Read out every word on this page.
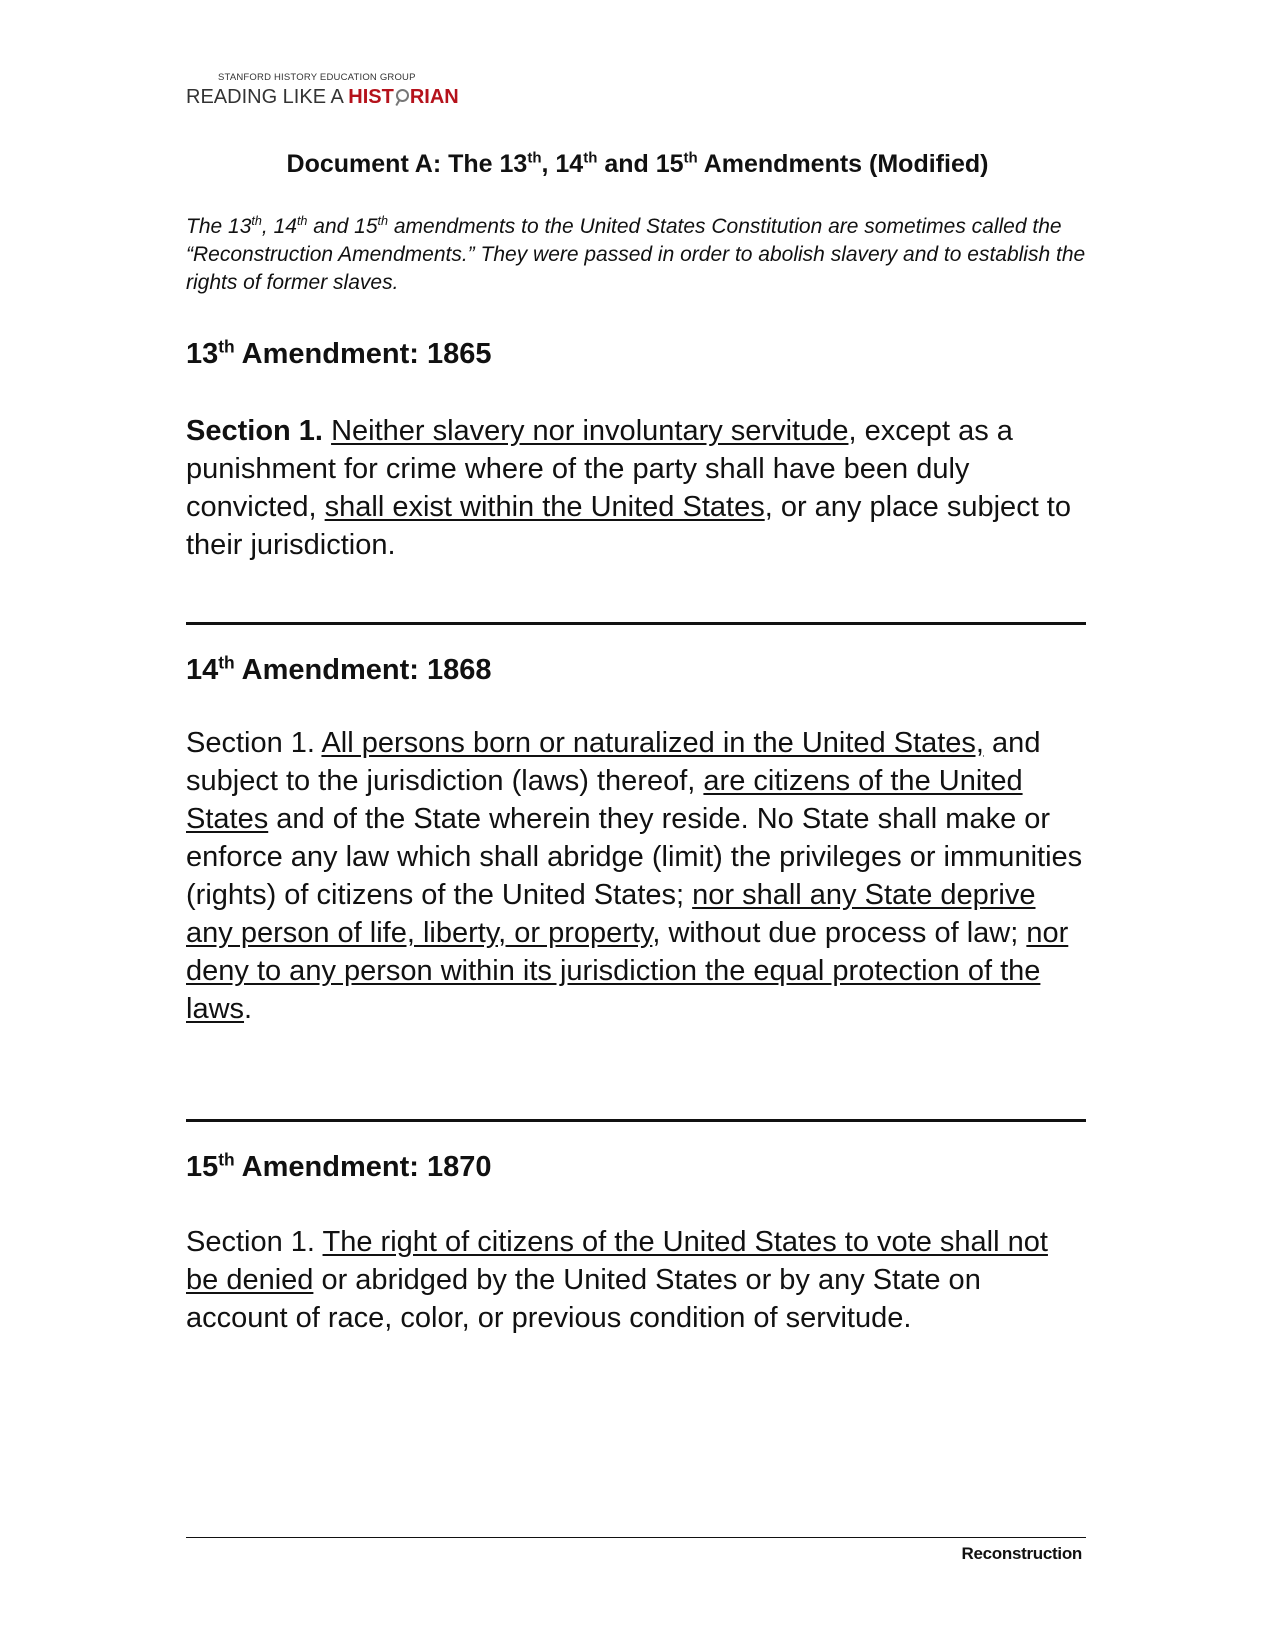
STANFORD HISTORY EDUCATION GROUP
READING LIKE A HIST RIAN
Document A: The 13th, 14th and 15th Amendments (Modified)
The 13th, 14th and 15th amendments to the United States Constitution are sometimes called the “Reconstruction Amendments.” They were passed in order to abolish slavery and to establish the rights of former slaves.
13th Amendment: 1865
Section 1. Neither slavery nor involuntary servitude, except as a punishment for crime where of the party shall have been duly convicted, shall exist within the United States, or any place subject to their jurisdiction.
14th Amendment: 1868
Section 1. All persons born or naturalized in the United States, and subject to the jurisdiction (laws) thereof, are citizens of the United States and of the State wherein they reside. No State shall make or enforce any law which shall abridge (limit) the privileges or immunities (rights) of citizens of the United States; nor shall any State deprive any person of life, liberty, or property, without due process of law; nor deny to any person within its jurisdiction the equal protection of the laws.
15th Amendment: 1870
Section 1. The right of citizens of the United States to vote shall not be denied or abridged by the United States or by any State on account of race, color, or previous condition of servitude.
Reconstruction
